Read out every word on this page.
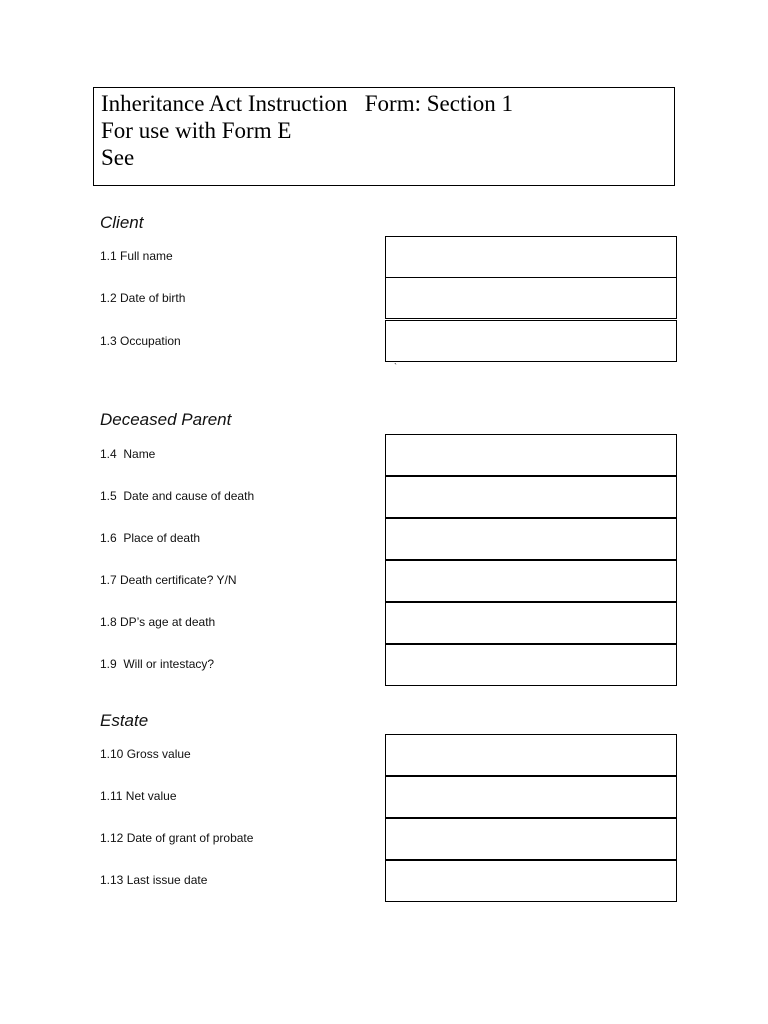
Inheritance Act Instruction   Form: Section 1
For use with Form E
See
Client
1.1 Full name
1.2 Date of birth
1.3 Occupation
`
Deceased Parent
1.4  Name
1.5  Date and cause of death
1.6  Place of death
1.7 Death certificate? Y/N
1.8 DP’s age at death
1.9  Will or intestacy?
Estate
1.10 Gross value
1.11 Net value
1.12 Date of grant of probate
1.13 Last issue date
